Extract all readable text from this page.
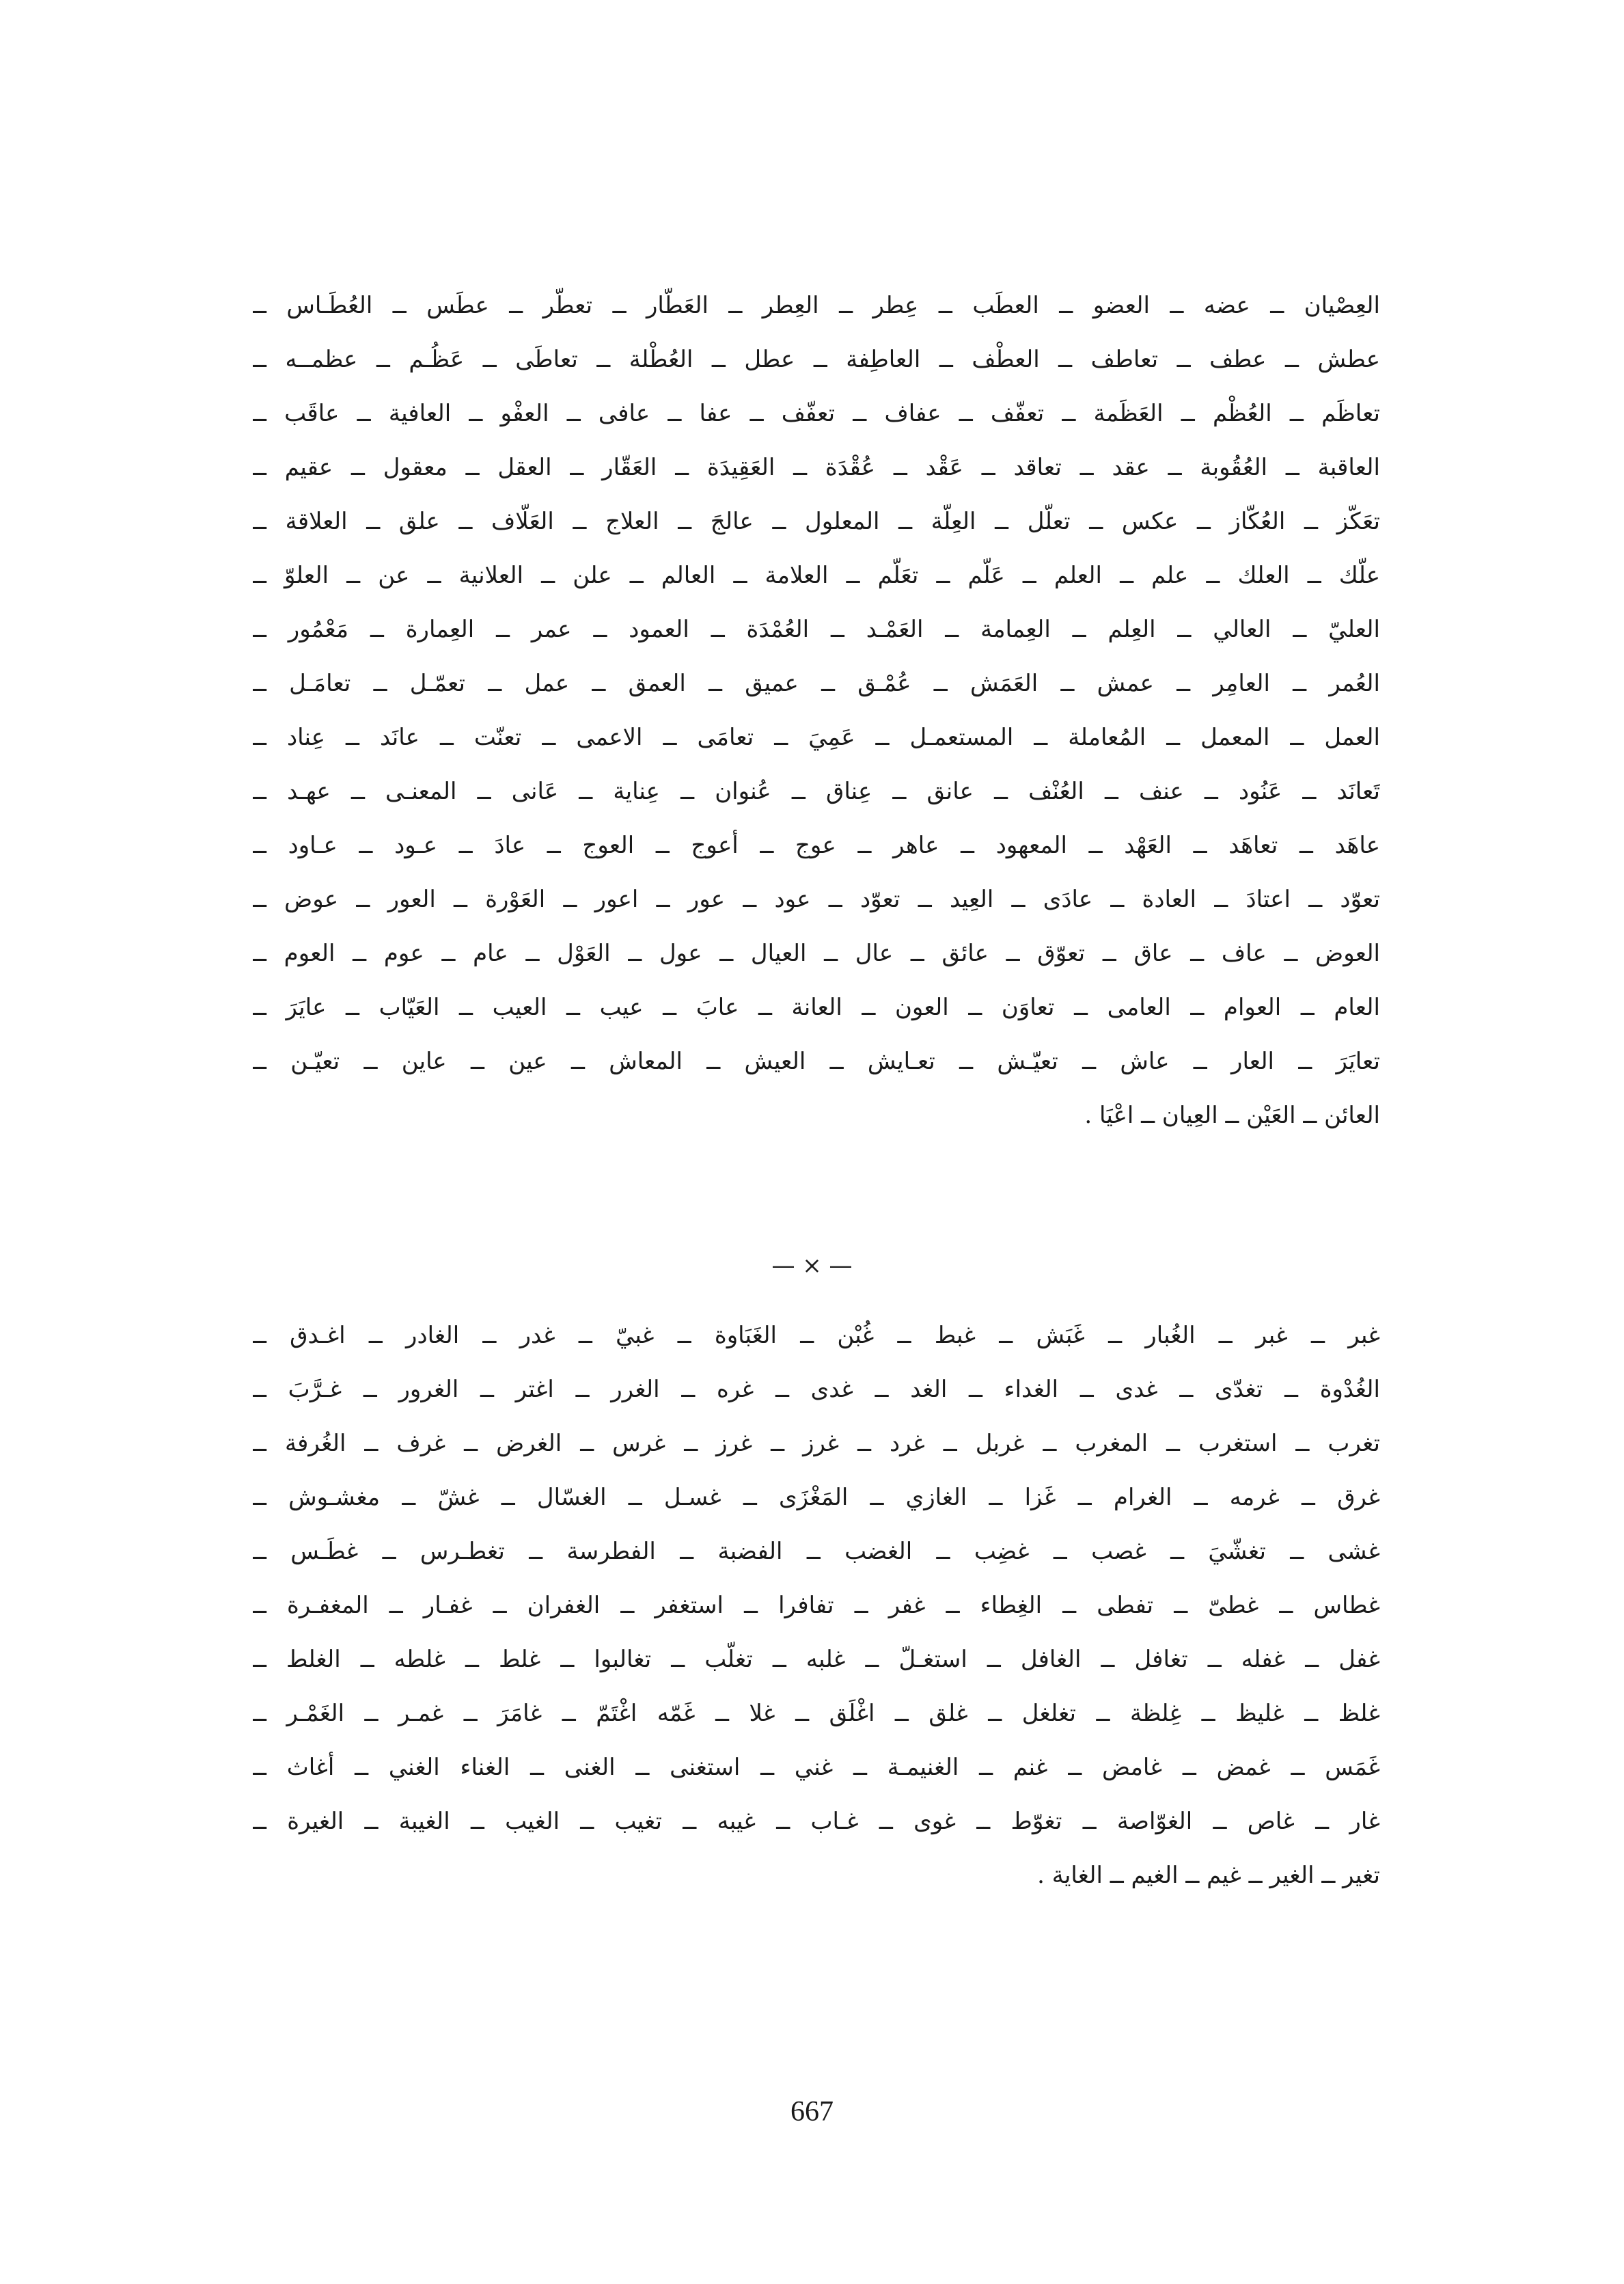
العِصْيان ــ عضه ــ العضو ــ العطَب ــ عِطر ــ العِطر ــ العَطّار ــ تعطّر ــ عطَس ــ العُطَـاس ــ
عطش ــ عطف ــ تعاطف ــ العطْف ــ العاطِفة ــ عطل ــ العُطْلة ــ تعاطَى ــ عَظُـم ــ عظمــه ــ
تعاظَم ــ العُظْم ــ العَظَمة ــ تعفّف ــ عفاف ــ تعفّف ــ عفا ــ عافى ــ العفْو ــ العافية ــ عاقَب ــ
العاقبة ــ العُقُوبة ــ عقد ــ تعاقد ــ عَقْد ــ عُقْدَة ــ العَقِيدَة ــ العَقّار ــ العقل ــ معقول ــ عقيم ــ
تعَكّز ــ العُكّاز ــ عكس ــ تعلّل ــ العِلّة ــ المعلول ــ عالجَ ــ العلاج ــ العَلّاف ــ علق ــ العلاقة ــ
علّك ــ العلك ــ علم ــ العلم ــ عَلّم ــ تعَلّم ــ العلامة ــ العالم ــ علن ــ العلانية ــ عن ــ العلوّ ــ
العليّ ــ العالي ــ العِلم ــ العِمامة ــ العَمْـد ــ العُمْدَة ــ العمود ــ عمر ــ العِمارة ــ مَعْمُور ــ
العُمر ــ العامِر ــ عمش ــ العَمَش ــ عُمْـق ــ عميق ــ العمق ــ عمل ــ تعمّـل ــ تعامَـل ــ
العمل ــ المعمل ــ المُعاملة ــ المستعمـل ــ عَمِيَ ــ تعامَى ــ الاعمى ــ تعنّت ــ عانَد ــ عِناد ــ
تَعانَد ــ عَنُود ــ عنف ــ العُنْف ــ عانق ــ عِناق ــ عُنوان ــ عِناية ــ عَانى ــ المعنـى ــ عهـد ــ
عاهَد ــ تعاهَد ــ العَهْد ــ المعهود ــ عاهر ــ عوج ــ أعوج ــ العوج ــ عادَ ــ عـود ــ عـاود ــ
تعوّد ــ اعتادَ ــ العادة ــ عادَى ــ العِيد ــ تعوّد ــ عود ــ عور ــ اعور ــ العَوْرة ــ العور ــ عوض ــ
العوض ــ عاف ــ عاق ــ تعوّق ــ عائق ــ عال ــ العيال ــ عول ــ العَوْل ــ عام ــ عوم ــ العوم ــ
العام ــ العوام ــ العامى ــ تعاوَن ــ العون ــ العانة ــ عابَ ــ عيب ــ العيب ــ العَيّاب ــ عايَرَ ــ
تعايَرَ ــ العار ــ عاش ــ تعيّـش ــ تعـايش ــ العيش ــ المعاش ــ عين ــ عاين ــ تعيّـن ــ
العائن ــ العَيْن ــ العِيان ــ اعْيَا .
— × —
غبر ــ غبر ــ الغُبار ــ غَبَش ــ غبط ــ غُبْن ــ الغَبَاوة ــ غبيّ ــ غدر ــ الغادر ــ اغـدق ــ
الغُدْوة ــ تغدّى ــ غدى ــ الغداء ــ الغد ــ غدى ــ غره ــ الغرر ــ اغتر ــ الغرور ــ غـرَّبَ ــ
تغرب ــ استغرب ــ المغرب ــ غربل ــ غرد ــ غرز ــ غرز ــ غرس ــ الغرض ــ غرف ــ الغُرفة ــ
غرق ــ غرمه ــ الغرام ــ غَزا ــ الغازي ــ المَغْزَى ــ غسـل ــ الغسّال ــ غشّ ــ مغشـوش ــ
غشى ــ تغشّيَ ــ غصب ــ غضِب ــ الغضب ــ الفضبة ــ الفطرسة ــ تغطـرس ــ غطَـس ــ
غطاس ــ غطىّ ــ تفطى ــ الغِطاء ــ غفر ــ تفافرا ــ استغفر ــ الغفران ــ غفـار ــ المغفـرة ــ
غفل ــ غفله ــ تغافل ــ الغافل ــ استغـلّ ــ غلبه ــ تغلّب ــ تغالبوا ــ غلط ــ غلطه ــ الغلط ــ
غلظ ــ غليظ ــ غِلظة ــ تغلغل ــ غلق ــ اغْلَق ــ غلا ــ غَمّه اغْتَمّ ــ غامَرَ ــ غمـر ــ الغَمْـر ــ
غَمَس ــ غمض ــ غامض ــ غنم ــ الغنيمـة ــ غني ــ استغنى ــ الغنى ــ الغناء الغني ــ أغاث ــ
غار ــ غاص ــ الغوّاصة ــ تغوّط ــ غوى ــ غـاب ــ غيبه ــ تغيب ــ الغيب ــ الغيبة ــ الغيرة ــ
تغير ــ الغير ــ غيم ــ الغيم ــ الغاية .
667
